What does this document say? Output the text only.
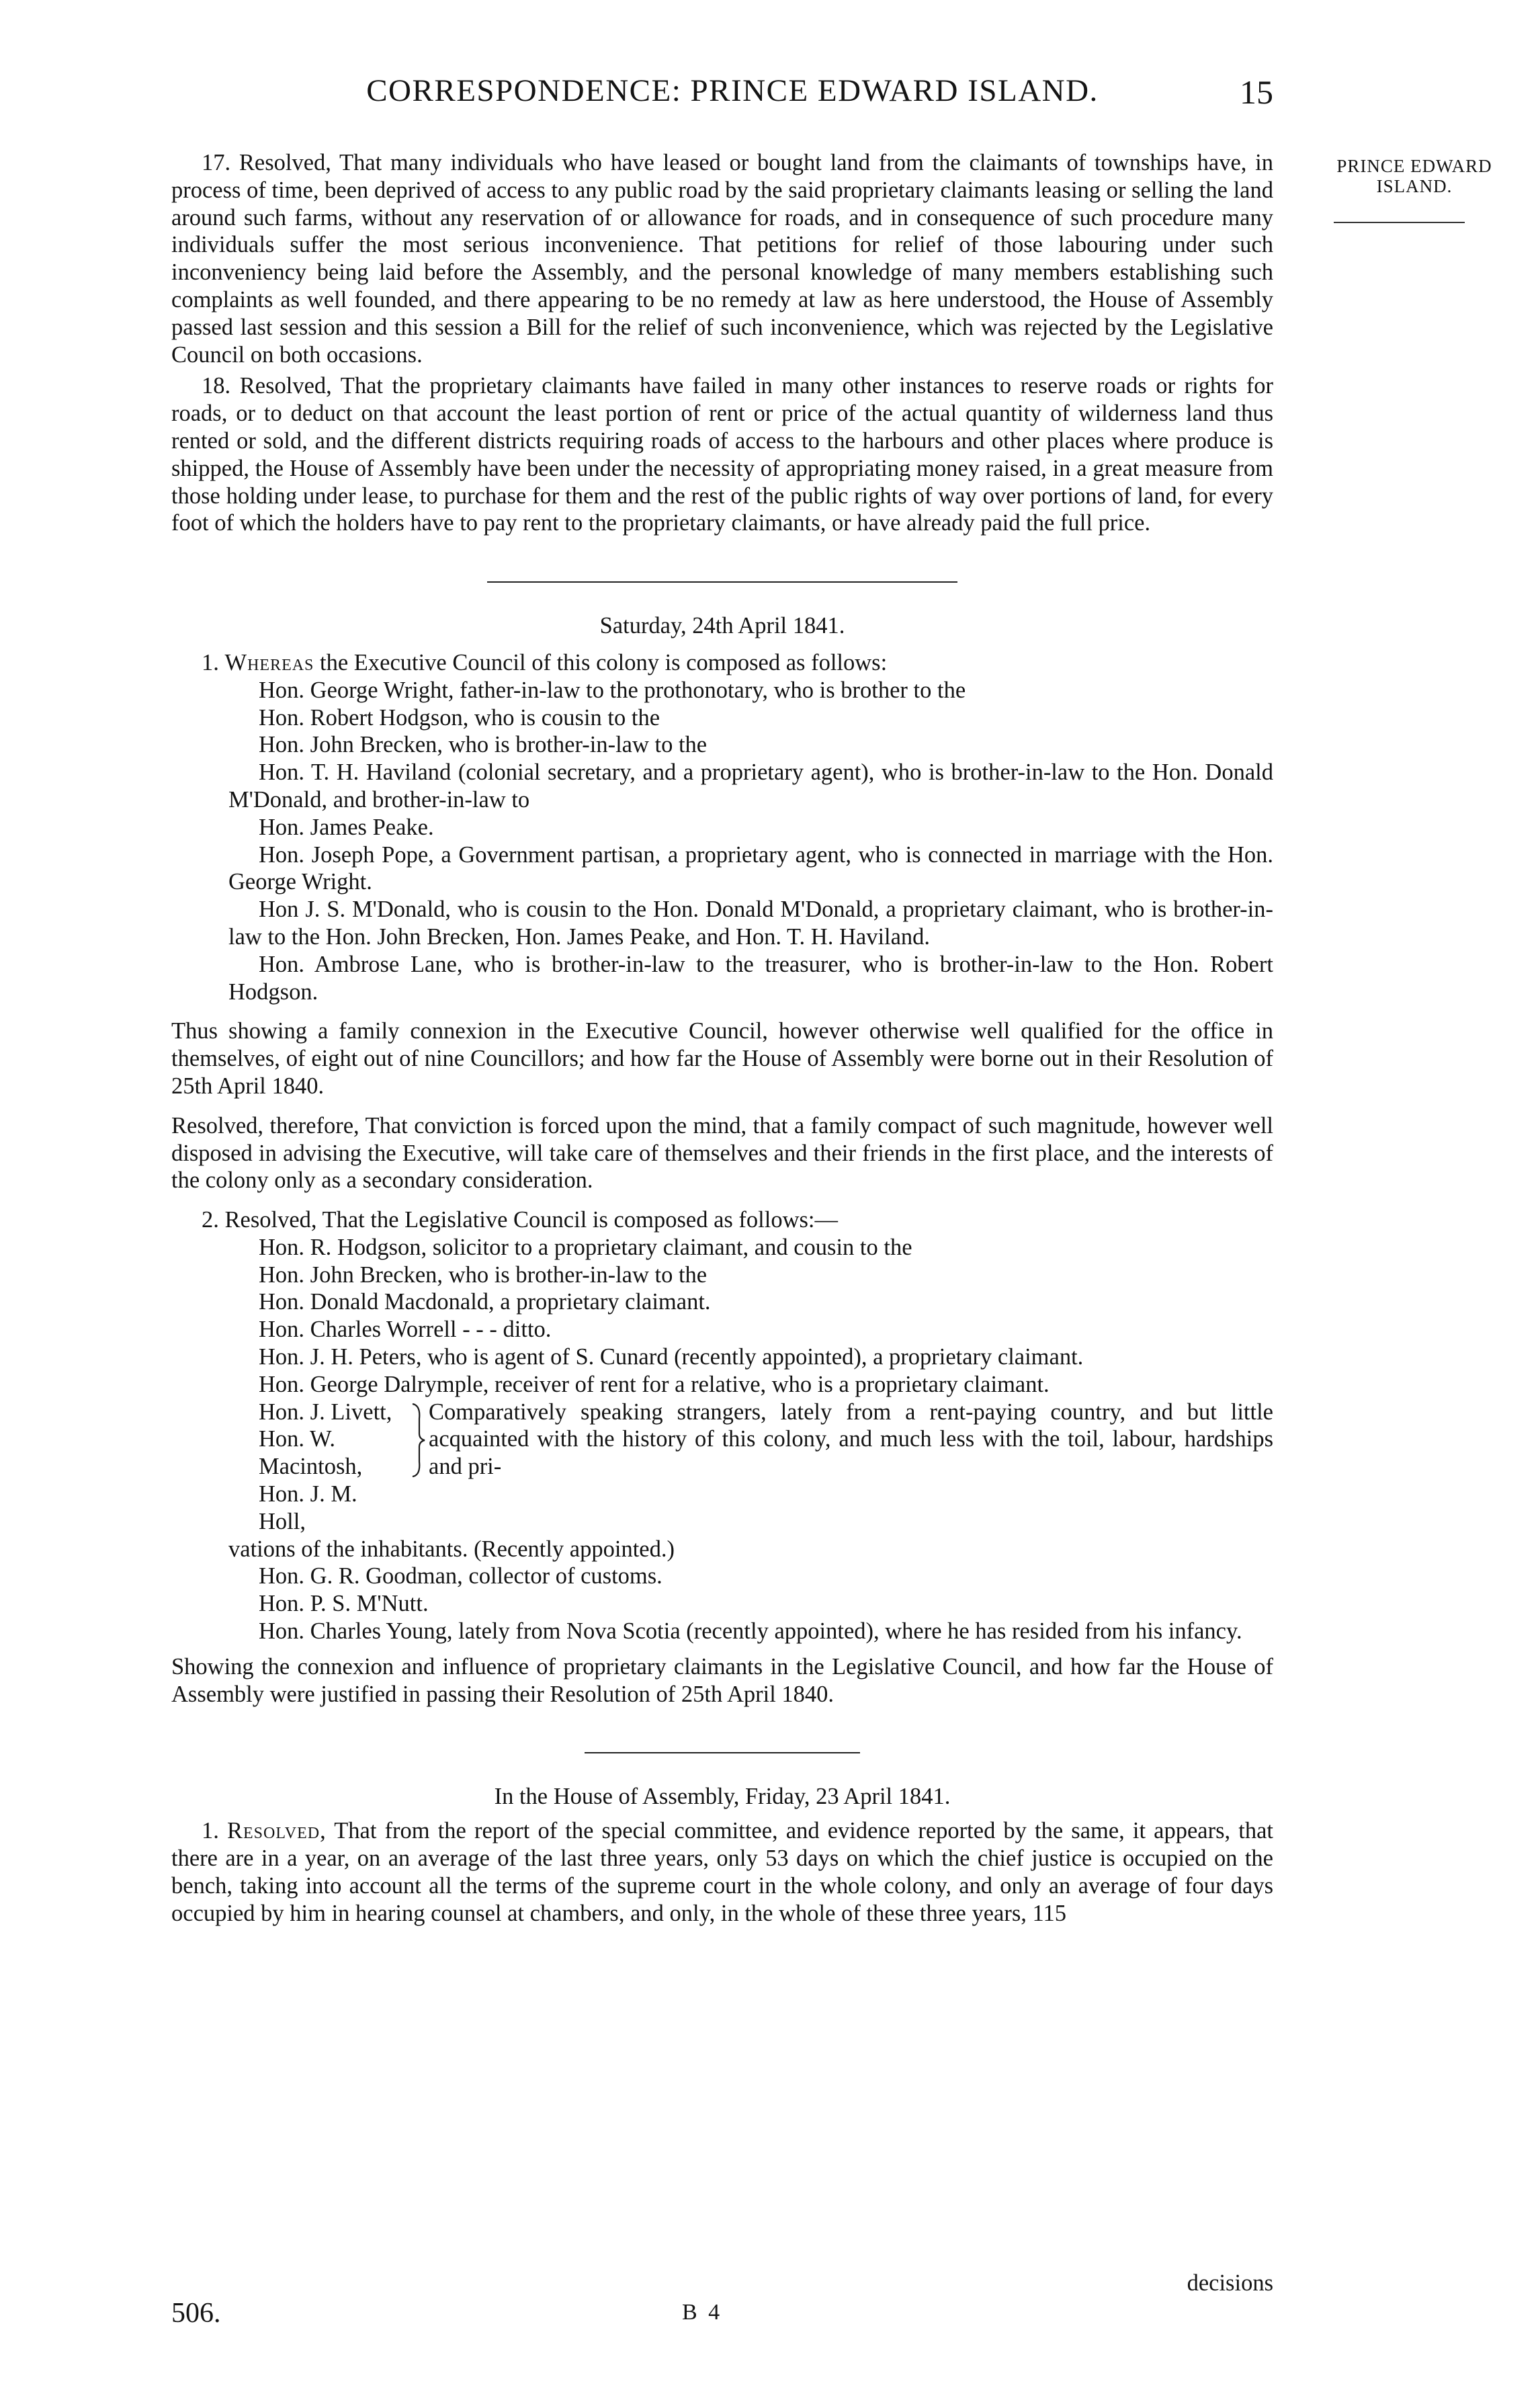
CORRESPONDENCE: PRINCE EDWARD ISLAND.	15
PRINCE EDWARD
ISLAND.

17. Resolved, That many individuals who have leased or bought land from the claimants of townships have, in process of time, been deprived of access to any public road by the said proprietary claimants leasing or selling the land around such farms, without any reservation of or allowance for roads, and in consequence of such procedure many individuals suffer the most serious inconvenience. That petitions for relief of those labouring under such inconveniency being laid before the Assembly, and the personal knowledge of many members establishing such complaints as well founded, and there appearing to be no remedy at law as here understood, the House of Assembly passed last session and this session a Bill for the relief of such inconvenience, which was rejected by the Legislative Council on both occasions.

18. Resolved, That the proprietary claimants have failed in many other instances to reserve roads or rights for roads, or to deduct on that account the least portion of rent or price of the actual quantity of wilderness land thus rented or sold, and the different districts requiring roads of access to the harbours and other places where produce is shipped, the House of Assembly have been under the necessity of appropriating money raised, in a great measure from those holding under lease, to purchase for them and the rest of the public rights of way over portions of land, for every foot of which the holders have to pay rent to the proprietary claimants, or have already paid the full price.

Saturday, 24th April 1841.

1. Whereas the Executive Council of this colony is composed as follows:

Hon. George Wright, father-in-law to the prothonotary, who is brother to the

Hon. Robert Hodgson, who is cousin to the

Hon. John Brecken, who is brother-in-law to the

Hon. T. H. Haviland (colonial secretary, and a proprietary agent), who is brother-in-law to the Hon. Donald M'Donald, and brother-in-law to

Hon. James Peake.

Hon. Joseph Pope, a Government partisan, a proprietary agent, who is connected in marriage with the Hon. George Wright.

Hon J. S. M'Donald, who is cousin to the Hon. Donald M'Donald, a proprietary claimant, who is brother-in-law to the Hon. John Brecken, Hon. James Peake, and Hon. T. H. Haviland.

Hon. Ambrose Lane, who is brother-in-law to the treasurer, who is brother-in-law to the Hon. Robert Hodgson.

Thus showing a family connexion in the Executive Council, however otherwise well qualified for the office in themselves, of eight out of nine Councillors; and how far the House of Assembly were borne out in their Resolution of 25th April 1840.

Resolved, therefore, That conviction is forced upon the mind, that a family compact of such magnitude, however well disposed in advising the Executive, will take care of themselves and their friends in the first place, and the interests of the colony only as a secondary consideration.

2. Resolved, That the Legislative Council is composed as follows:—

Hon. R. Hodgson, solicitor to a proprietary claimant, and cousin to the

Hon. John Brecken, who is brother-in-law to the

Hon. Donald Macdonald, a proprietary claimant.

Hon. Charles Worrell - - - ditto.

Hon. J. H. Peters, who is agent of S. Cunard (recently appointed), a proprietary claimant.

Hon. George Dalrymple, receiver of rent for a relative, who is a proprietary claimant.

Hon. J. Livett,
Hon. W. Macintosh,
Hon. J. M. Holl,
Comparatively speaking strangers, lately from a rent-paying country, and but little acquainted with the history of this colony, and much less with the toil, labour, hardships and pri-

vations of the inhabitants. (Recently appointed.)

Hon. G. R. Goodman, collector of customs.

Hon. P. S. M'Nutt.

Hon. Charles Young, lately from Nova Scotia (recently appointed), where he has resided from his infancy.

Showing the connexion and influence of proprietary claimants in the Legislative Council, and how far the House of Assembly were justified in passing their Resolution of 25th April 1840.

In the House of Assembly, Friday, 23 April 1841.

1. Resolved, That from the report of the special committee, and evidence reported by the same, it appears, that there are in a year, on an average of the last three years, only 53 days on which the chief justice is occupied on the bench, taking into account all the terms of the supreme court in the whole colony, and only an average of four days occupied by him in hearing counsel at chambers, and only, in the whole of these three years, 115

506.	B 4
decisions
